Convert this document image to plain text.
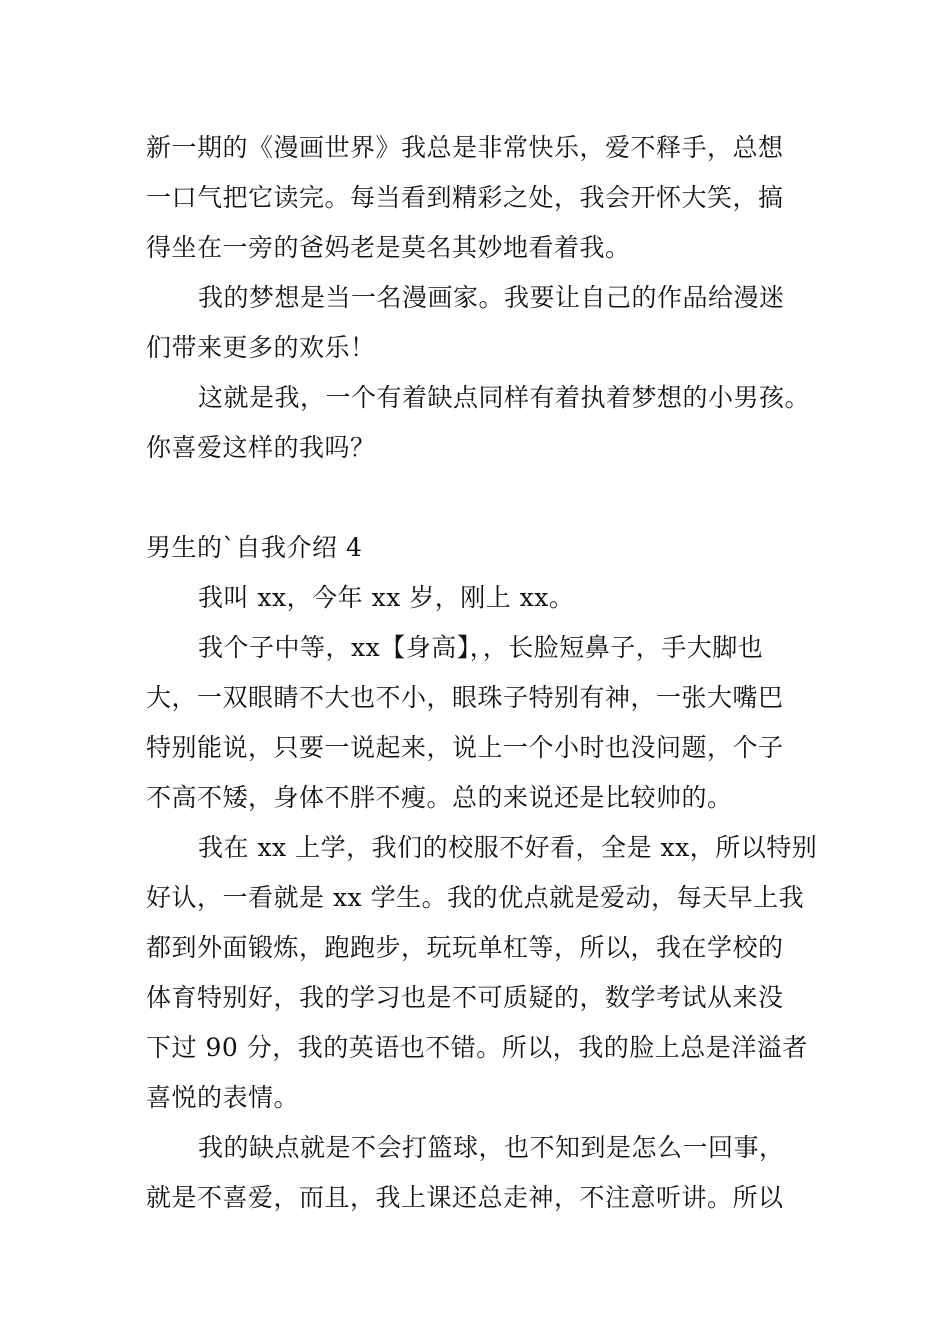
新一期的《漫画世界》我总是非常快乐，爱不释手，总想
一口气把它读完。每当看到精彩之处，我会开怀大笑，搞
得坐在一旁的爸妈老是莫名其妙地看着我。
我的梦想是当一名漫画家。我要让自己的作品给漫迷
们带来更多的欢乐！
这就是我，一个有着缺点同样有着执着梦想的小男孩。
你喜爱这样的我吗？
男生的`自我介绍 4
我叫 xx，今年 xx 岁，刚上 xx。
我个子中等，xx【身高】，，长脸短鼻子，手大脚也
大，一双眼睛不大也不小，眼珠子特别有神，一张大嘴巴
特别能说，只要一说起来，说上一个小时也没问题，个子
不高不矮，身体不胖不瘦。总的来说还是比较帅的。
我在 xx 上学，我们的校服不好看，全是 xx，所以特别
好认，一看就是 xx 学生。我的优点就是爱动，每天早上我
都到外面锻炼，跑跑步，玩玩单杠等，所以，我在学校的
体育特别好，我的学习也是不可质疑的，数学考试从来没
下过 90 分，我的英语也不错。所以，我的脸上总是洋溢者
喜悦的表情。
我的缺点就是不会打篮球，也不知到是怎么一回事，
就是不喜爱，而且，我上课还总走神，不注意听讲。所以
